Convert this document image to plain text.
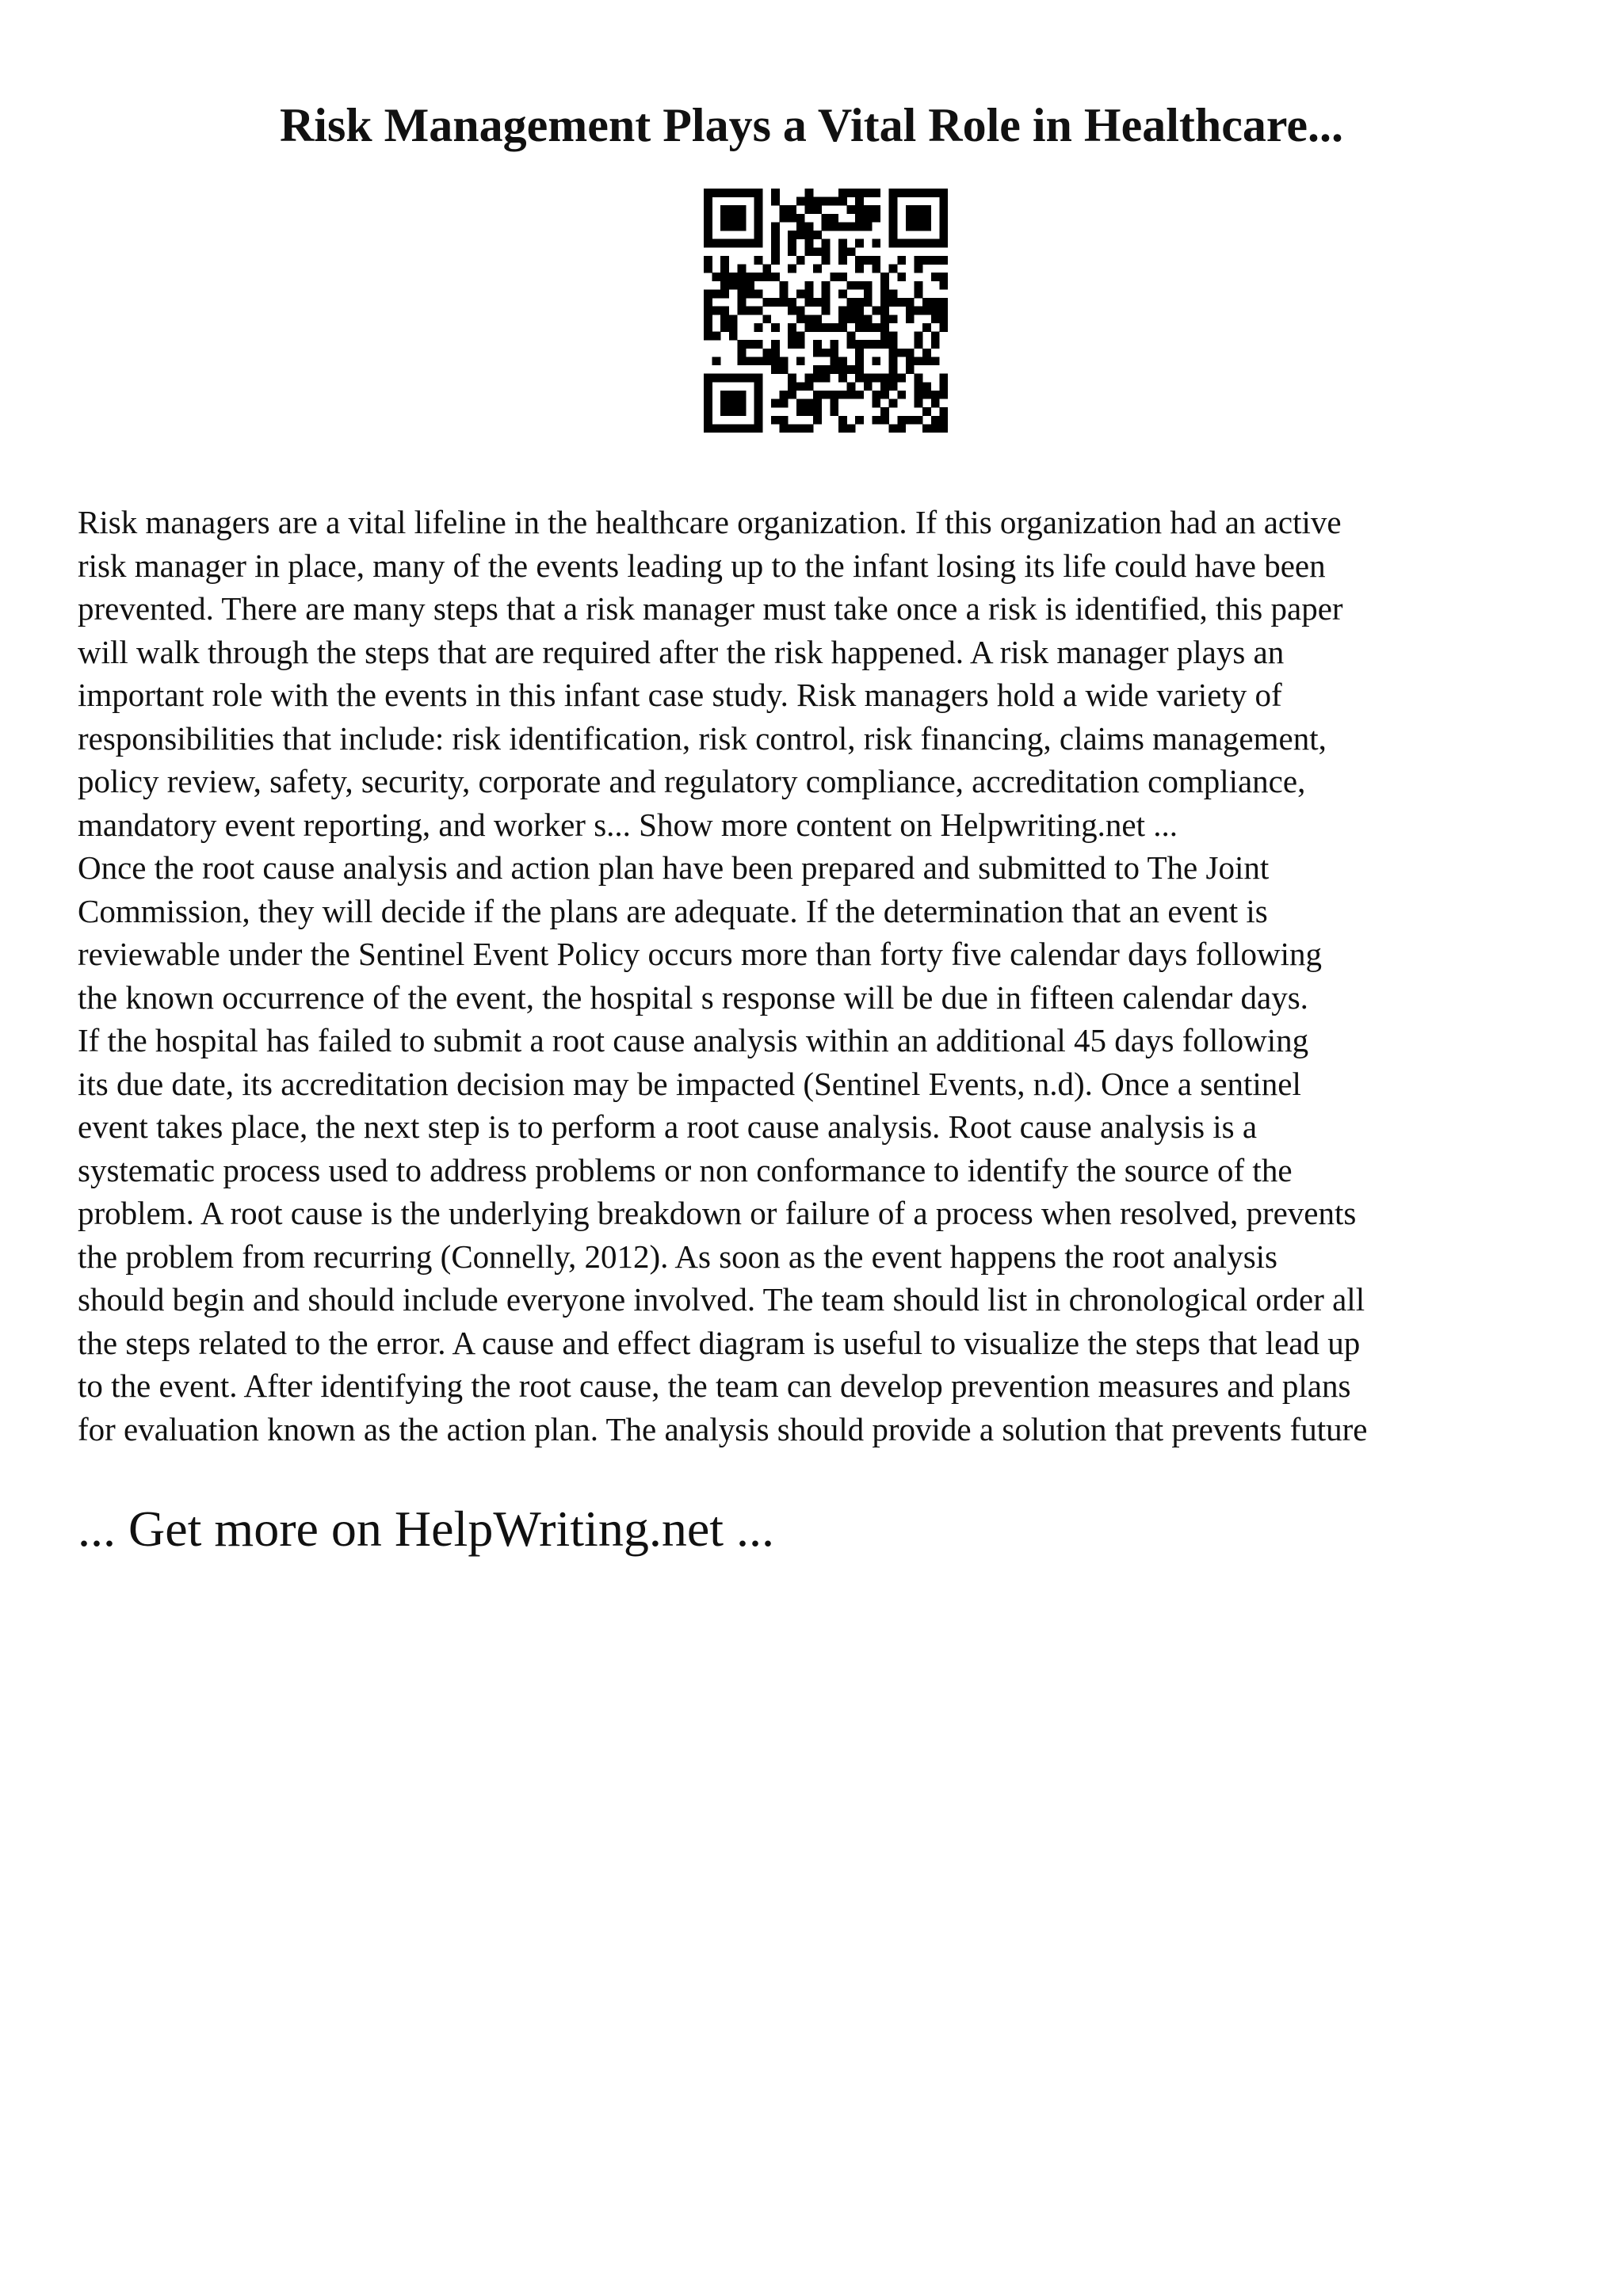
Risk Management Plays a Vital Role in Healthcare...
Risk managers are a vital lifeline in the healthcare organization. If this organization had an active
risk manager in place, many of the events leading up to the infant losing its life could have been
prevented. There are many steps that a risk manager must take once a risk is identified, this paper
will walk through the steps that are required after the risk happened. A risk manager plays an
important role with the events in this infant case study. Risk managers hold a wide variety of
responsibilities that include: risk identification, risk control, risk financing, claims management,
policy review, safety, security, corporate and regulatory compliance, accreditation compliance,
mandatory event reporting, and worker s... Show more content on Helpwriting.net ...
Once the root cause analysis and action plan have been prepared and submitted to The Joint
Commission, they will decide if the plans are adequate. If the determination that an event is
reviewable under the Sentinel Event Policy occurs more than forty five calendar days following
the known occurrence of the event, the hospital s response will be due in fifteen calendar days.
If the hospital has failed to submit a root cause analysis within an additional 45 days following
its due date, its accreditation decision may be impacted (Sentinel Events, n.d). Once a sentinel
event takes place, the next step is to perform a root cause analysis. Root cause analysis is a
systematic process used to address problems or non conformance to identify the source of the
problem. A root cause is the underlying breakdown or failure of a process when resolved, prevents
the problem from recurring (Connelly, 2012). As soon as the event happens the root analysis
should begin and should include everyone involved. The team should list in chronological order all
the steps related to the error. A cause and effect diagram is useful to visualize the steps that lead up
to the event. After identifying the root cause, the team can develop prevention measures and plans
for evaluation known as the action plan. The analysis should provide a solution that prevents future
... Get more on HelpWriting.net ...
